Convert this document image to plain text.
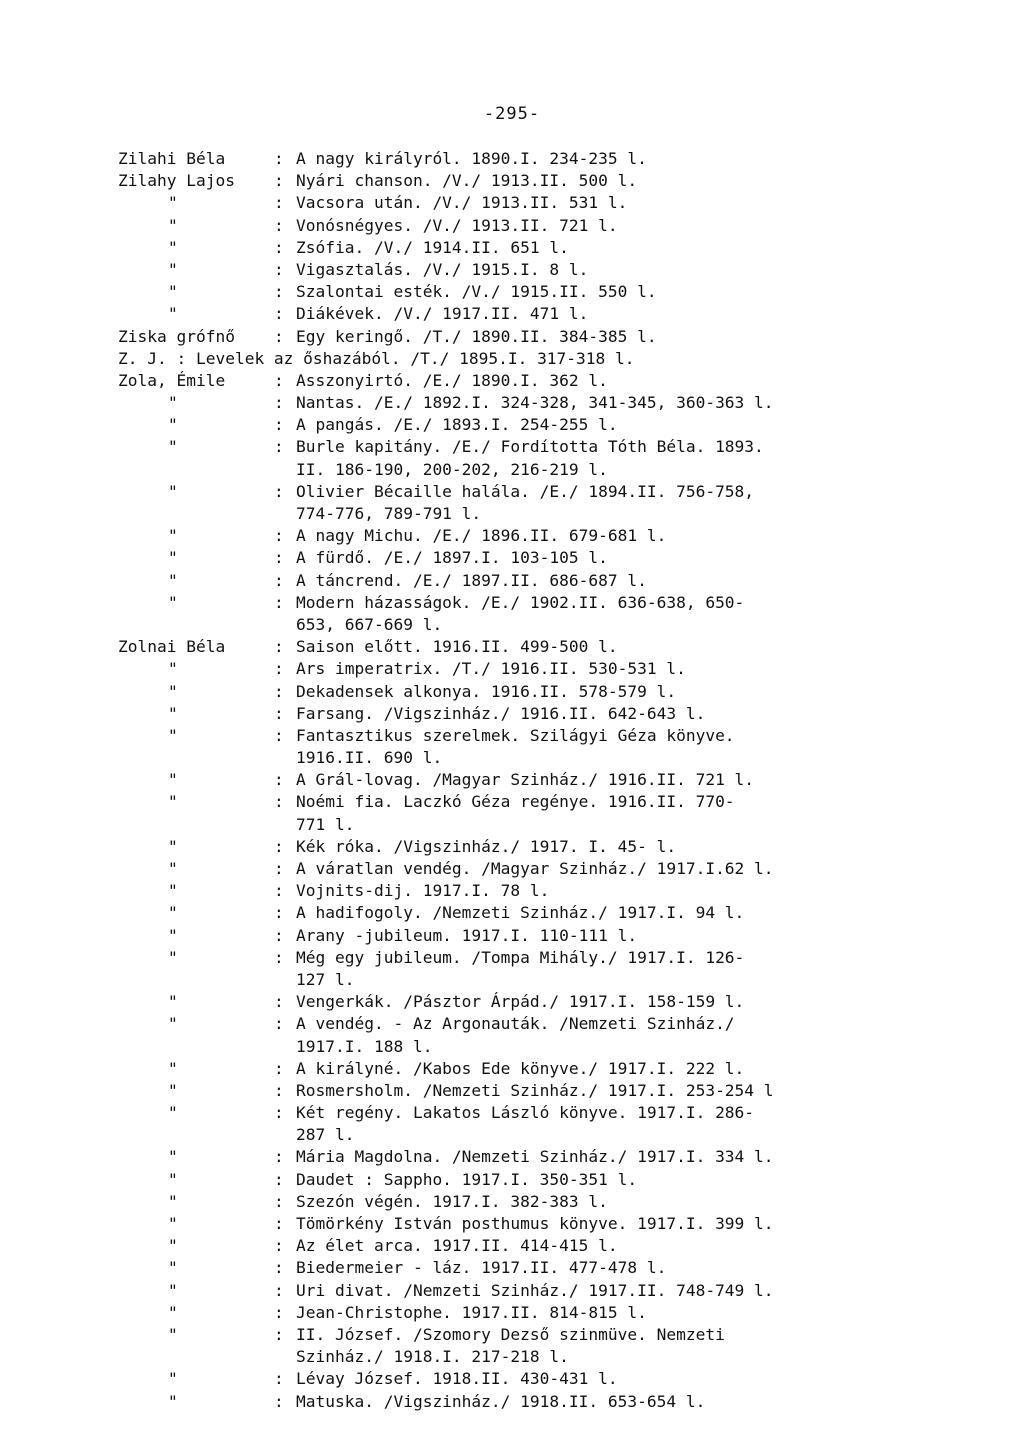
-295-
Zilahi Béla	: A nagy királyról. 1890.I. 234-235 l.
Zilahy Lajos : Nyári chanson. /V./ 1913.II. 500 l.
"	: Vacsora után. /V./ 1913.II. 531 l.
"	: Vonósnégyes. /V./ 1913.II. 721 l.
"	: Zsófia. /V./ 1914.II. 651 l.
"	: Vigasztalás. /V./ 1915.I. 8 l.
"	: Szalontai esték. /V./ 1915.II. 550 l.
"	: Diákévek. /V./ 1917.II. 471 l.
Ziska grófnő : Egy keringő. /T./ 1890.II. 384-385 l.
Z. J. : Levelek az őshazából. /T./ 1895.I. 317-318 l.
Zola, Émile	: Asszonyirtó. /E./ 1890.I. 362 l.
"	: Nantas. /E./ 1892.I. 324-328, 341-345, 360-363 l.
"	: A pangás. /E./ 1893.I. 254-255 l.
"	: Burle kapitány. /E./ Fordította Tóth Béla. 1893.
II. 186-190, 200-202, 216-219 l.
"	: Olivier Bécaille halála. /E./ 1894.II. 756-758,
774-776, 789-791 l.
"	: A nagy Michu. /E./ 1896.II. 679-681 l.
"	: A fürdő. /E./ 1897.I. 103-105 l.
"	: A táncrend. /E./ 1897.II. 686-687 l.
"	: Modern házasságok. /E./ 1902.II. 636-638, 650-
653, 667-669 l.
Zolnai Béla	: Saison előtt. 1916.II. 499-500 l.
"	: Ars imperatrix. /T./ 1916.II. 530-531 l.
"	: Dekadensek alkonya. 1916.II. 578-579 l.
"	: Farsang. /Vigszinház./ 1916.II. 642-643 l.
"	: Fantasztikus szerelmek. Szilágyi Géza könyve.
1916.II. 690 l.
"	: A Grál-lovag. /Magyar Szinház./ 1916.II. 721 l.
"	: Noémi fia. Laczkó Géza regénye. 1916.II. 770-
771 l.
"	: Kék róka. /Vigszinház./ 1917. I. 45- l.
"	: A váratlan vendég. /Magyar Szinház./ 1917.I.62 l.
"	: Vojnits-dij. 1917.I. 78 l.
"	: A hadifogoly. /Nemzeti Szinház./ 1917.I. 94 l.
"	: Arany -jubileum. 1917.I. 110-111 l.
"	: Még egy jubileum. /Tompa Mihály./ 1917.I. 126-
127 l.
"	: Vengerkák. /Pásztor Árpád./ 1917.I. 158-159 l.
"	: A vendég. - Az Argonauták. /Nemzeti Szinház./
1917.I. 188 l.
"	: A királyné. /Kabos Ede könyve./ 1917.I. 222 l.
"	: Rosmersholm. /Nemzeti Szinház./ 1917.I. 253-254 l
"	: Két regény. Lakatos László könyve. 1917.I. 286-
287 l.
"	: Mária Magdolna. /Nemzeti Szinház./ 1917.I. 334 l.
"	: Daudet : Sappho. 1917.I. 350-351 l.
"	: Szezón végén. 1917.I. 382-383 l.
"	: Tömörkény István posthumus könyve. 1917.I. 399 l.
"	: Az élet arca. 1917.II. 414-415 l.
"	: Biedermeier - láz. 1917.II. 477-478 l.
"	: Uri divat. /Nemzeti Szinház./ 1917.II. 748-749 l.
"	: Jean-Christophe. 1917.II. 814-815 l.
"	: II. József. /Szomory Dezső szinmüve. Nemzeti
Szinház./ 1918.I. 217-218 l.
"	: Lévay József. 1918.II. 430-431 l.
"	: Matuska. /Vigszinház./ 1918.II. 653-654 l.
